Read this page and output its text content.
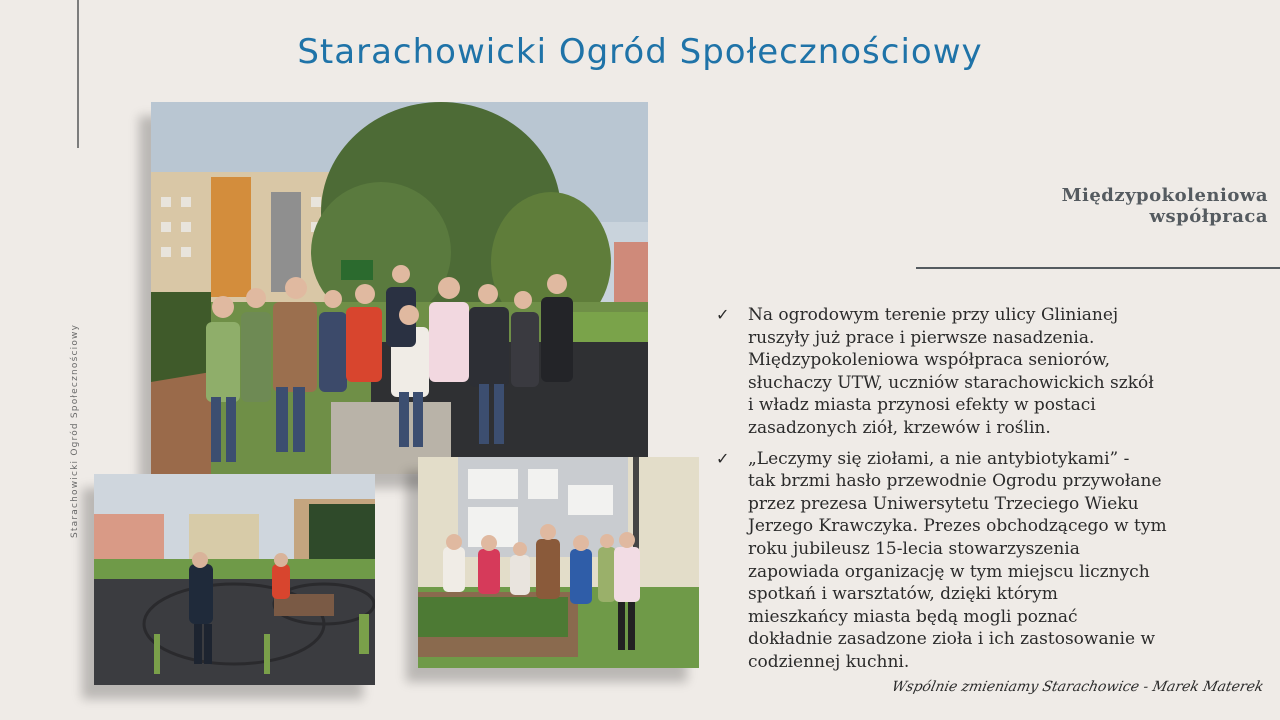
Starachowicki Ogród Społecznościowy
Starachowicki Ogród Społecznościowy
Międzypokoleniowa
współpraca
✓ Na ogrodowym terenie przy ulicy Glinianej
ruszyły już prace i pierwsze nasadzenia.
Międzypokoleniowa współpraca seniorów,
słuchaczy UTW, uczniów starachowickich szkół
i władz miasta przynosi efekty w postaci
zasadzonych ziół, krzewów i roślin.
✓ „Leczymy się ziołami, a nie antybiotykami” -
tak brzmi hasło przewodnie Ogrodu przywołane
przez prezesa Uniwersytetu Trzeciego Wieku
Jerzego Krawczyka. Prezes obchodzącego w tym
roku jubileusz 15-lecia stowarzyszenia
zapowiada organizację w tym miejscu licznych
spotkań i warsztatów, dzięki którym
mieszkańcy miasta będą mogli poznać
dokładnie zasadzone zioła i ich zastosowanie w
codziennej kuchni.
Wspólnie zmieniamy Starachowice - Marek Materek
